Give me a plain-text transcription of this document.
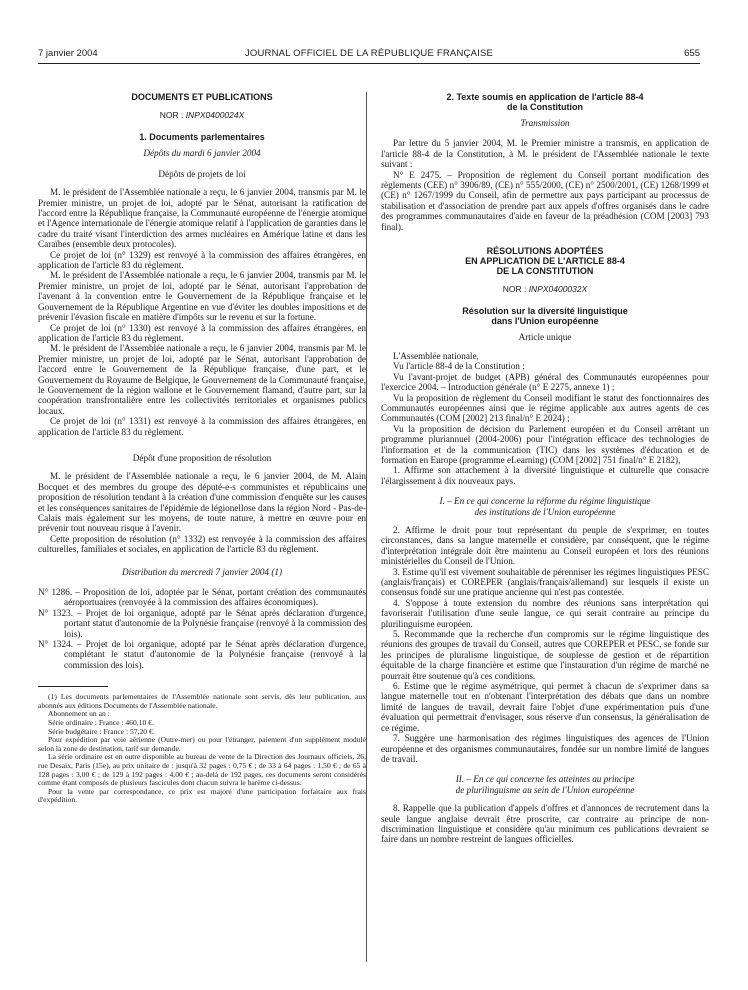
7 janvier 2004	JOURNAL OFFICIEL DE LA RÉPUBLIQUE FRANÇAISE	655

DOCUMENTS ET PUBLICATIONS

NOR : INPX0400024X

1. Documents parlementaires

Dépôts du mardi 6 janvier 2004

Dépôts de projets de loi

M. le président de l'Assemblée nationale a reçu, le 6 janvier 2004, transmis par M. le Premier ministre, un projet de loi, adopté par le Sénat, autorisant la ratification de l'accord entre la République française, la Communauté européenne de l'énergie atomique et l'Agence internationale de l'énergie atomique relatif à l'application de garanties dans le cadre du traité visant l'interdiction des armes nucléaires en Amérique latine et dans les Caraïbes (ensemble deux protocoles).

Ce projet de loi (n° 1329) est renvoyé à la commission des affaires étrangères, en application de l'article 83 du règlement.

M. le président de l'Assemblée nationale a reçu, le 6 janvier 2004, transmis par M. le Premier ministre, un projet de loi, adopté par le Sénat, autorisant l'approbation de l'avenant à la convention entre le Gouvernement de la République française et le Gouvernement de la République Argentine en vue d'éviter les doubles impositions et de prévenir l'évasion fiscale en matière d'impôts sur le revenu et sur la fortune.

Ce projet de loi (n° 1330) est renvoyé à la commission des affaires étrangères, en application de l'article 83 du règlement.

M. le président de l'Assemblée nationale a reçu, le 6 janvier 2004, transmis par M. le Premier ministre, un projet de loi, adopté par le Sénat, autorisant l'approbation de l'accord entre le Gouvernement de la République française, d'une part, et le Gouvernement du Royaume de Belgique, le Gouvernement de la Communauté française, le Gouvernement de la région wallone et le Gouvernement flamand, d'autre part, sur la coopération transfrontalière entre les collectivités territoriales et organismes publics locaux.

Ce projet de loi (n° 1331) est renvoyé à la commission des affaires étrangères, en application de l'article 83 du règlement.

Dépôt d'une proposition de résolution

M. le président de l'Assemblée nationale a reçu, le 6 janvier 2004, de M. Alain Bocquet et des membres du groupe des député-e-s communistes et républicains une proposition de résolution tendant à la création d'une commission d'enquête sur les causes et les conséquences sanitaires de l'épidémie de légionellose dans la région Nord - Pas-de-Calais mais également sur les moyens, de toute nature, à mettre en œuvre pour en prévenir tout nouveau risque à l'avenir.

Cette proposition de résolution (n° 1332) est renvoyée à la commission des affaires culturelles, familiales et sociales, en application de l'article 83 du règlement.

Distribution du mercredi 7 janvier 2004 (1)

N° 1286. – Proposition de loi, adoptée par le Sénat, portant création des communautés aéroportuaires (renvoyée à la commission des affaires économiques).

N° 1323. – Projet de loi organique, adopté par le Sénat après déclaration d'urgence, portant statut d'autonomie de la Polynésie française (renvoyé à la commission des lois).

N° 1324. – Projet de loi organique, adopté par le Sénat après déclaration d'urgence, complétant le statut d'autonomie de la Polynésie française (renvoyé à la commission des lois).

(1) Les documents parlementaires de l'Assemblée nationale sont servis, dès leur publication, aux abonnés aux éditions Documents de l'Assemblée nationale.

Abonnement un an :

Série ordinaire : France : 460,10 €.

Série budgétaire : France : 57,20 €.

Pour expédition par voie aérienne (Outre-mer) ou pour l'étranger, paiement d'un supplément modulé selon la zone de destination, tarif sur demande.

La série ordinaire est en outre disponible au bureau de vente de la Direction des Journaux officiels, 26, rue Desaix, Paris (15e), au prix unitaire de : jusqu'à 32 pages : 0,75 € ; de 33 à 64 pages : 1,50 € ; de 65 à 128 pages : 3,00 € ; de 129 à 192 pages : 4,00 € ; au-delà de 192 pages, ces documents seront considérés comme étant composés de plusieurs fascicules dont chacun suivra le barème ci-dessus.

Pour la vente par correspondance, ce prix est majoré d'une participation forfaitaire aux frais d'expédition.

2. Texte soumis en application de l'article 88-4

de la Constitution

Transmission

Par lettre du 5 janvier 2004, M. le Premier ministre a transmis, en application de l'article 88-4 de la Constitution, à M. le président de l'Assemblée nationale le texte suivant :

N° E 2475. – Proposition de règlement du Conseil portant modification des règlements (CEE) n° 3906/89, (CE) n° 555/2000, (CE) n° 2500/2001, (CE) 1268/1999 et (CE) n° 1267/1999 du Conseil, afin de permettre aux pays participant au processus de stabilisation et d'association de prendre part aux appels d'offres organisés dans le cadre des programmes communautaires d'aide en faveur de la préadhésion (COM [2003] 793 final).

RÉSOLUTIONS ADOPTÉES

EN APPLICATION DE L'ARTICLE 88-4

DE LA CONSTITUTION

NOR : INPX0400032X

Résolution sur la diversité linguistique

dans l'Union européenne

Article unique

L'Assemblée nationale,

Vu l'article 88-4 de la Constitution ;

Vu l'avant-projet de budget (APB) général des Communautés européennes pour l'exercice 2004. – Introduction générale (n° E 2275, annexe 1) ;

Vu la proposition de règlement du Conseil modifiant le statut des fonctionnaires des Communautés européennes ainsi que le régime applicable aux autres agents de ces Communautés (COM [2002] 213 final/n° E 2024) ;

Vu la proposition de décision du Parlement européen et du Conseil arrêtant un programme pluriannuel (2004-2006) pour l'intégration efficace des technologies de l'information et de la communication (TIC) dans les systèmes d'éducation et de formation en Europe (programme eLearning) (COM [2002] 751 final/n° E 2182),

1. Affirme son attachement à la diversité linguistique et culturelle que consacre l'élargissement à dix nouveaux pays.

I. – En ce qui concerne la réforme du régime linguistique

des institutions de l'Union européenne

2. Affirme le droit pour tout représentant du peuple de s'exprimer, en toutes circonstances, dans sa langue maternelle et considère, par conséquent, que le régime d'interprétation intégrale doit être maintenu au Conseil européen et lors des réunions ministérielles du Conseil de l'Union.

3. Estime qu'il est vivement souhaitable de pérenniser les régimes linguistiques PESC (anglais/français) et COREPER (anglais/français/allemand) sur lesquels il existe un consensus fondé sur une pratique ancienne qui n'est pas contestée.

4. S'oppose à toute extension du nombre des réunions sans interprétation qui favoriserait l'utilisation d'une seule langue, ce qui serait contraire au principe du plurilinguisme européen.

5. Recommande que la recherche d'un compromis sur le régime linguistique des réunions des groupes de travail du Conseil, autres que COREPER et PESC, se fonde sur les principes de pluralisme linguistique, de souplesse de gestion et de répartition équitable de la charge financière et estime que l'instauration d'un régime de marché ne pourrait être soutenue qu'à ces conditions.

6. Estime que le régime asymétrique, qui permet à chacun de s'exprimer dans sa langue maternelle tout en n'obtenant l'interprétation des débats que dans un nombre limité de langues de travail, devrait faire l'objet d'une expérimentation puis d'une évaluation qui permettrait d'envisager, sous réserve d'un consensus, la généralisation de ce régime.

7. Suggère une harmonisation des régimes linguistiques des agences de l'Union européenne et des organismes communautaires, fondée sur un nombre limité de langues de travail.

II. – En ce qui concerne les atteintes au principe

de plurilinguisme au sein de l'Union européenne

8. Rappelle que la publication d'appels d'offres et d'annonces de recrutement dans la seule langue anglaise devrait être proscrite, car contraire au principe de non-discrimination linguistique et considère qu'au minimum ces publications devraient se faire dans un nombre restreint de langues officielles.
